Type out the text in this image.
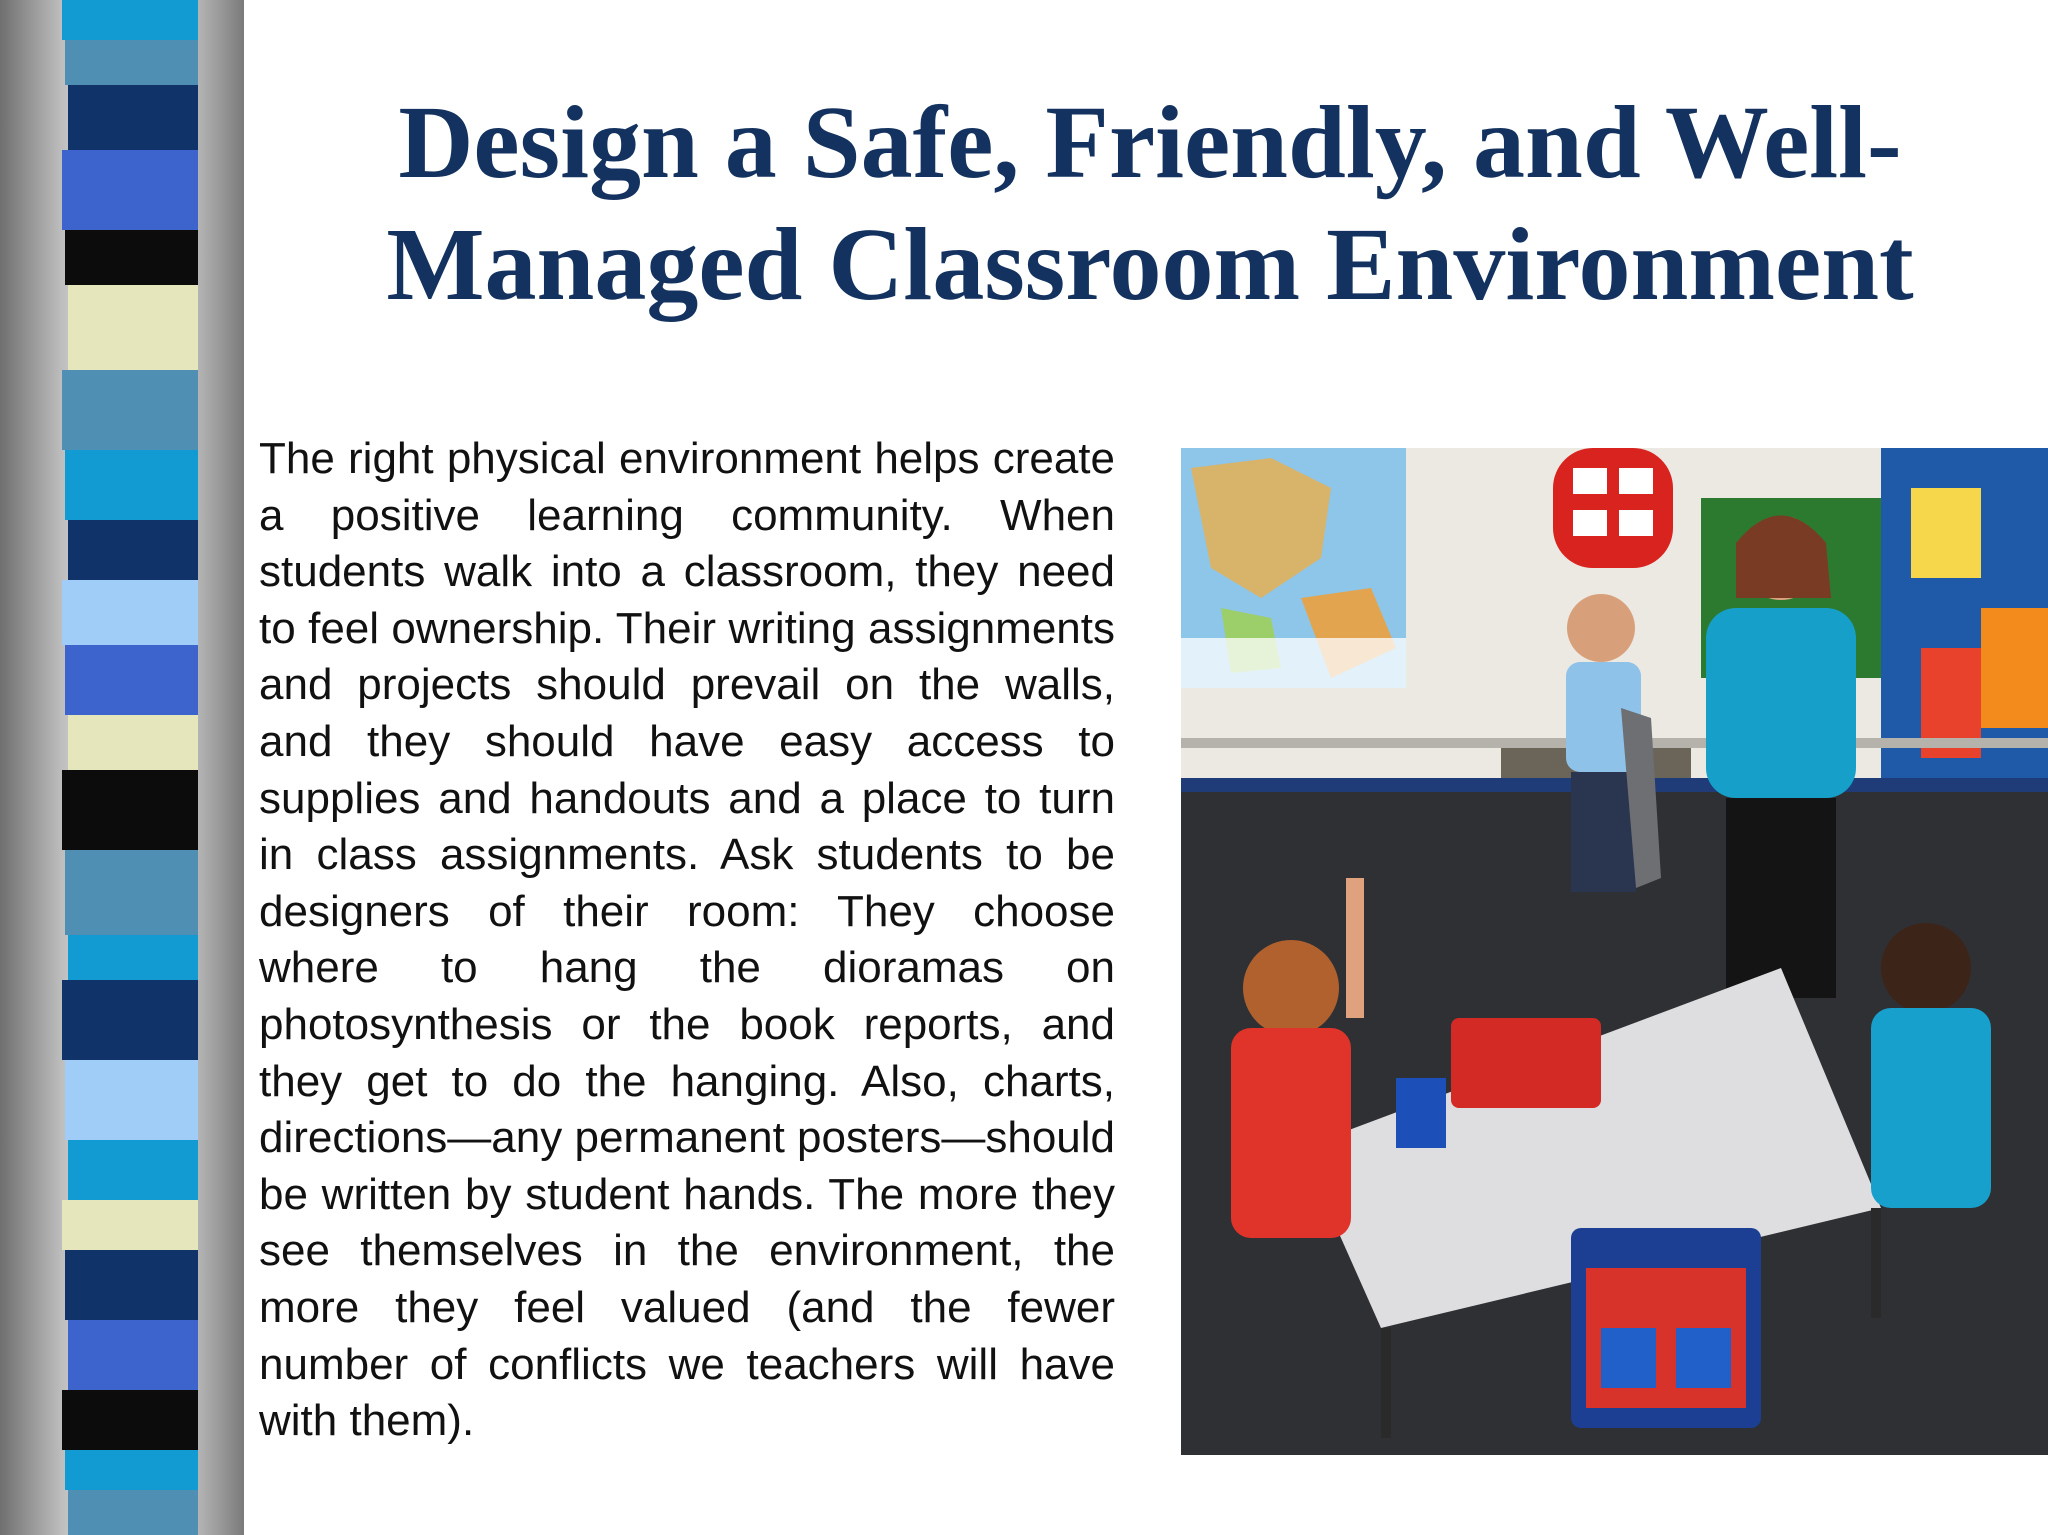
Design a Safe, Friendly, and Well-Managed Classroom Environment

The right physical environment helps create a positive learning community. When students walk into a classroom, they need to feel ownership. Their writing assignments and projects should prevail on the walls, and they should have easy access to supplies and handouts and a place to turn in class assignments. Ask students to be designers of their room: They choose where to hang the dioramas on photosynthesis or the book reports, and they get to do the hanging. Also, charts, directions—any permanent posters—should be written by student hands. The more they see themselves in the environment, the more they feel valued (and the fewer number of conflicts we teachers will have with them).
